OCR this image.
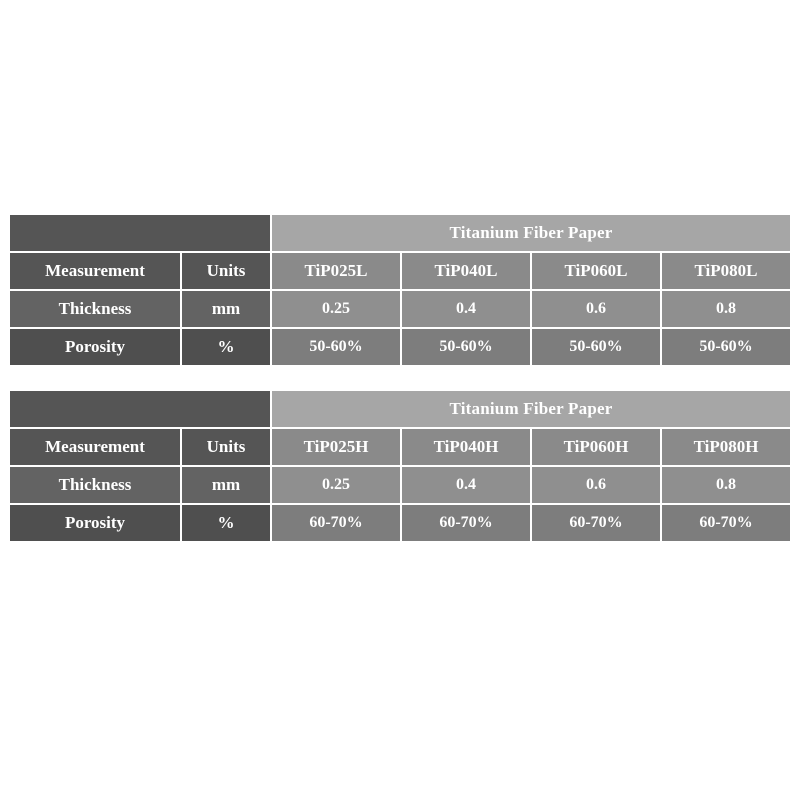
		Titanium Fiber Paper			
Measurement	Units	TiP025L	TiP040L	TiP060L	TiP080L
Thickness	mm	0.25	0.4	0.6	0.8
Porosity	%	50-60%	50-60%	50-60%	50-60%
		Titanium Fiber Paper			
Measurement	Units	TiP025H	TiP040H	TiP060H	TiP080H
Thickness	mm	0.25	0.4	0.6	0.8
Porosity	%	60-70%	60-70%	60-70%	60-70%
